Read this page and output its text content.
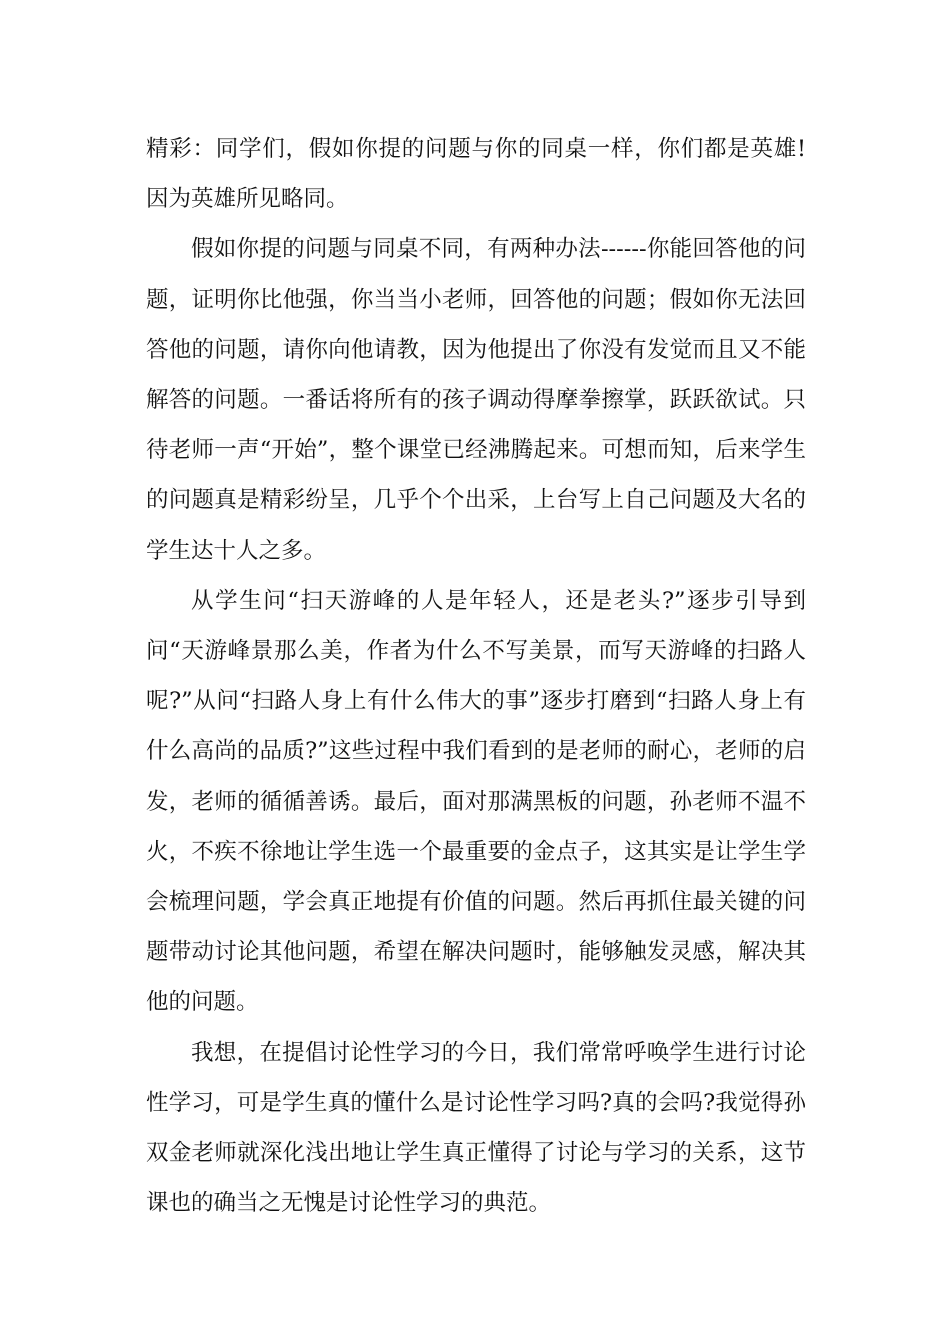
精彩：同学们，假如你提的问题与你的同桌一样，你们都是英雄!因为英雄所见略同。

假如你提的问题与同桌不同，有两种办法------你能回答他的问题，证明你比他强，你当当小老师，回答他的问题；假如你无法回答他的问题，请你向他请教，因为他提出了你没有发觉而且又不能解答的问题。一番话将所有的孩子调动得摩拳擦掌，跃跃欲试。只待老师一声“开始”，整个课堂已经沸腾起来。可想而知，后来学生的问题真是精彩纷呈，几乎个个出采，上台写上自己问题及大名的学生达十人之多。

从学生问“扫天游峰的人是年轻人，还是老头?”逐步引导到问“天游峰景那么美，作者为什么不写美景，而写天游峰的扫路人呢?”从问“扫路人身上有什么伟大的事”逐步打磨到“扫路人身上有什么高尚的品质?”这些过程中我们看到的是老师的耐心，老师的启发，老师的循循善诱。最后，面对那满黑板的问题，孙老师不温不火，不疾不徐地让学生选一个最重要的金点子，这其实是让学生学会梳理问题，学会真正地提有价值的问题。然后再抓住最关键的问题带动讨论其他问题，希望在解决问题时，能够触发灵感，解决其他的问题。

我想，在提倡讨论性学习的今日，我们常常呼唤学生进行讨论性学习，可是学生真的懂什么是讨论性学习吗?真的会吗?我觉得孙双金老师就深化浅出地让学生真正懂得了讨论与学习的关系，这节课也的确当之无愧是讨论性学习的典范。
